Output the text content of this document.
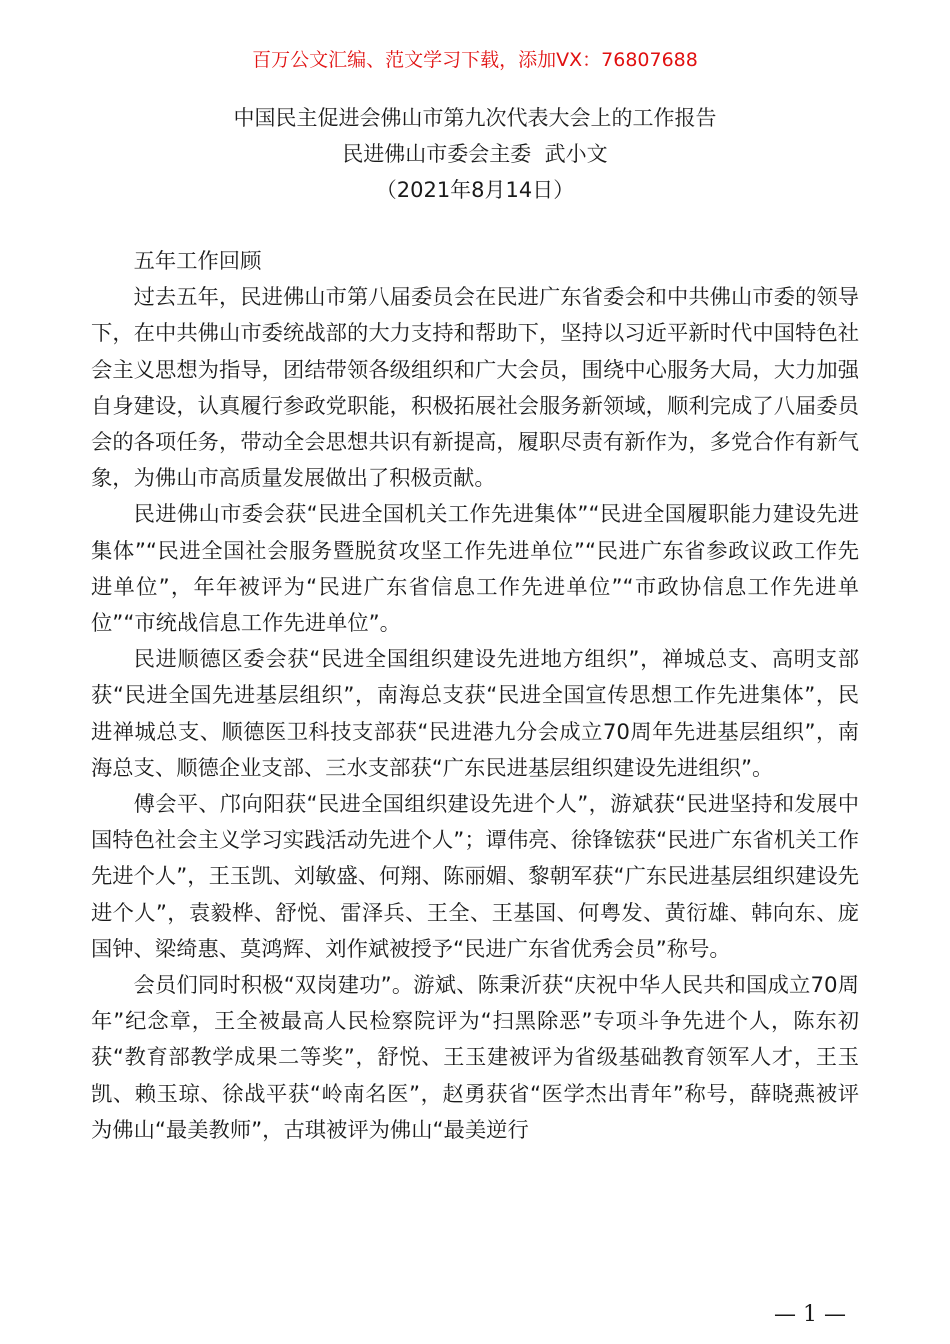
百万公文汇编、范文学习下载，添加VX：76807688
中国民主促进会佛山市第九次代表大会上的工作报告
民进佛山市委会主委  武小文
（2021年8月14日）

五年工作回顾

过去五年，民进佛山市第八届委员会在民进广东省委会和中共佛山市委的领导下，在中共佛山市委统战部的大力支持和帮助下，坚持以习近平新时代中国特色社会主义思想为指导，团结带领各级组织和广大会员，围绕中心服务大局，大力加强自身建设，认真履行参政党职能，积极拓展社会服务新领域，顺利完成了八届委员会的各项任务，带动全会思想共识有新提高，履职尽责有新作为，多党合作有新气象，为佛山市高质量发展做出了积极贡献。

民进佛山市委会获“民进全国机关工作先进集体”“民进全国履职能力建设先进集体”“民进全国社会服务暨脱贫攻坚工作先进单位”“民进广东省参政议政工作先进单位”，年年被评为“民进广东省信息工作先进单位”“市政协信息工作先进单位”“市统战信息工作先进单位”。

民进顺德区委会获“民进全国组织建设先进地方组织”，禅城总支、高明支部获“民进全国先进基层组织”，南海总支获“民进全国宣传思想工作先进集体”，民进禅城总支、顺德医卫科技支部获“民进港九分会成立70周年先进基层组织”，南海总支、顺德企业支部、三水支部获“广东民进基层组织建设先进组织”。

傅会平、邝向阳获“民进全国组织建设先进个人”，游斌获“民进坚持和发展中国特色社会主义学习实践活动先进个人”；谭伟亮、徐锋𬭎获“民进广东省机关工作先进个人”，王玉凯、刘敏盛、何翔、陈丽媚、黎朝军获“广东民进基层组织建设先进个人”，袁毅桦、舒悦、雷泽兵、王全、王基国、何粤发、黄衍雄、韩向东、庞国钟、梁绮惠、莫鸿辉、刘作斌被授予“民进广东省优秀会员”称号。

会员们同时积极“双岗建功”。游斌、陈秉沂获“庆祝中华人民共和国成立70周年”纪念章，王全被最高人民检察院评为“扫黑除恶”专项斗争先进个人，陈东初获“教育部教学成果二等奖”，舒悦、王玉建被评为省级基础教育领军人才，王玉凯、赖玉琼、徐战平获“岭南名医”，赵勇获省“医学杰出青年”称号，薛晓燕被评为佛山“最美教师”，古琪被评为佛山“最美逆行

— 1 —
